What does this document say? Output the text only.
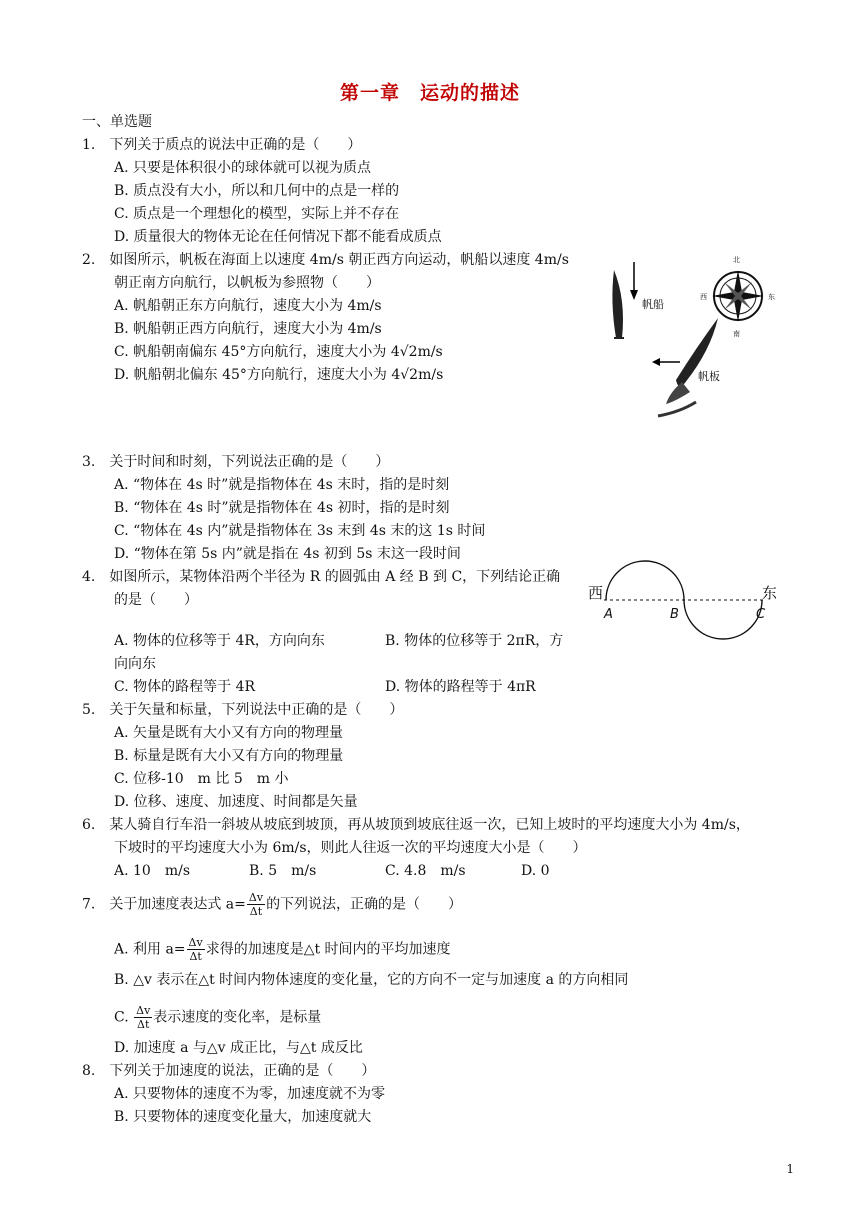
第一章　运动的描述
一、单选题
1.　下列关于质点的说法中正确的是（　　）
A. 只要是体积很小的球体就可以视为质点
B. 质点没有大小，所以和几何中的点是一样的
C. 质点是一个理想化的模型，实际上并不存在
D. 质量很大的物体无论在任何情况下都不能看成质点
2.　如图所示，帆板在海面上以速度 4m/s 朝正西方向运动，帆船以速度 4m/s
朝正南方向航行，以帆板为参照物（　　）
A. 帆船朝正东方向航行，速度大小为 4m/s
B. 帆船朝正西方向航行，速度大小为 4m/s
C. 帆船朝南偏东 45°方向航行，速度大小为 4√2m/s
D. 帆船朝北偏东 45°方向航行，速度大小为 4√2m/s
帆船
北
南
西	东
帆板
3.　关于时间和时刻，下列说法正确的是（　　）
A. “物体在 4s 时”就是指物体在 4s 末时，指的是时刻
B. “物体在 4s 时”就是指物体在 4s 初时，指的是时刻
C. “物体在 4s 内”就是指物体在 3s 末到 4s 末的这 1s 时间
D. “物体在第 5s 内”就是指在 4s 初到 5s 末这一段时间
4.　如图所示，某物体沿两个半径为 R 的圆弧由 A 经 B 到 C，下列结论正确
的是（　　）
A. 物体的位移等于 4R，方向向东	B. 物体的位移等于 2πR，方
向向东
C. 物体的路程等于 4R	D. 物体的路程等于 4πR
西	东
A	B	C
5.　关于矢量和标量，下列说法中正确的是（　　）
A. 矢量是既有大小又有方向的物理量
B. 标量是既有大小又有方向的物理量
C. 位移-10　m 比 5　m 小
D. 位移、速度、加速度、时间都是矢量
6.　某人骑自行车沿一斜坡从坡底到坡顶，再从坡顶到坡底往返一次，已知上坡时的平均速度大小为 4m/s，
下坡时的平均速度大小为 6m/s，则此人往返一次的平均速度大小是（　　）
A. 10　m/s	B. 5　m/s	C. 4.8　m/s	D. 0
7.　关于加速度表达式 $a= \frac{\Delta v}{\Delta t}$ 的下列说法，正确的是（　　）
A. 利用 $a= \frac{\Delta v}{\Delta t}$ 求得的加速度是△t 时间内的平均加速度
B. △v 表示在△t 时间内物体速度的变化量，它的方向不一定与加速度 a 的方向相同
C. $\frac{\Delta v}{\Delta t}$ 表示速度的变化率，是标量
D. 加速度 a 与△v 成正比，与△t 成反比
8.　下列关于加速度的说法，正确的是（　　）
A. 只要物体的速度不为零，加速度就不为零
B. 只要物体的速度变化量大，加速度就大
1
